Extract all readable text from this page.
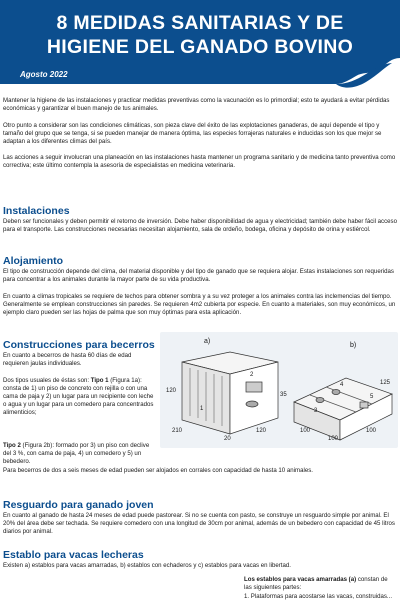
8 MEDIDAS SANITARIAS Y DE
HIGIENE DEL GANADO BOVINO
Agosto 2022

Mantener la higiene de las instalaciones y practicar medidas preventivas como la vacunación es lo primordial; esto te ayudará a evitar pérdidas económicas y garantizar el buen manejo de tus animales.

Otro punto a considerar son las condiciones climáticas, son pieza clave del éxito de las explotaciones ganaderas, de aquí depende el tipo y tamaño del grupo que se tenga, si se pueden manejar de manera óptima, las especies forrajeras naturales e inducidas son los que mejor se adaptan a los diferentes climas del país.

Las acciones a seguir involucran una planeación en las instalaciones hasta mantener un programa sanitario y de medicina tanto preventiva como correctiva; este último contempla la asesoría de especialistas en medicina veterinaria.

Instalaciones

Deben ser funcionales y deben permitir el retorno de inversión. Debe haber disponibilidad de agua y electricidad; también debe haber fácil acceso para el transporte. Las construcciones necesarias necesitan alojamiento, sala de ordeño, bodega, oficina y depósito de orina y estiércol.

Alojamiento

El tipo de construcción depende del clima, del material disponible y del tipo de ganado que se requiera alojar. Estas instalaciones son requeridas para concentrar a los animales durante la mayor parte de su vida productiva.

En cuanto a climas tropicales se requiere de techos para obtener sombra y a su vez proteger a los animales contra las inclemencias del tiempo. Generalmente se emplean construcciones sin paredes. Se requieren 4m2 cubierta por especie. En cuanto a materiales, son muy económicos, un ejemplo claro pueden ser las hojas de palma que son muy óptimas para esta aplicación.

Construcciones para becerros

En cuanto a becerros de hasta 60 días de edad requieren jaulas individuales.

Dos tipos usuales de éstas son: Tipo 1 (Figura 1a): consta de 1) un piso de concreto con rejilla o con una cama de paja y 2) un lugar para un recipiente con leche o agua y un lugar para un comedero para concentrados alimenticios;

Tipo 2 (Figura 2b): formado por 3) un piso con declive del 3 %, con cama de paja, 4) un comedero y 5) un bebedero.

Para becerros de dos a seis meses de edad pueden ser alojados en corrales con capacidad de hasta 10 animales.

a)
b)
120
210
20
120
35
100
100
100
125
1
2
3
4
5
Resguardo para ganado joven

En cuanto al ganado de hasta 24 meses de edad puede pastorear. Si no se cuenta con pasto, se construye un resguardo simple por animal. El 20% del área debe ser techada. Se requiere comedero con una longitud de 30cm por animal, además de un bebedero con capacidad de 45 litros diarios por animal.

Establo para vacas lecheras

Existen a) establos para vacas amarradas, b) establos con echaderos y c) establos para vacas en libertad.

Los establos para vacas amarradas (a) constan de las siguientes partes:

1. Plataformas para acostarse las vacas, construidas...
